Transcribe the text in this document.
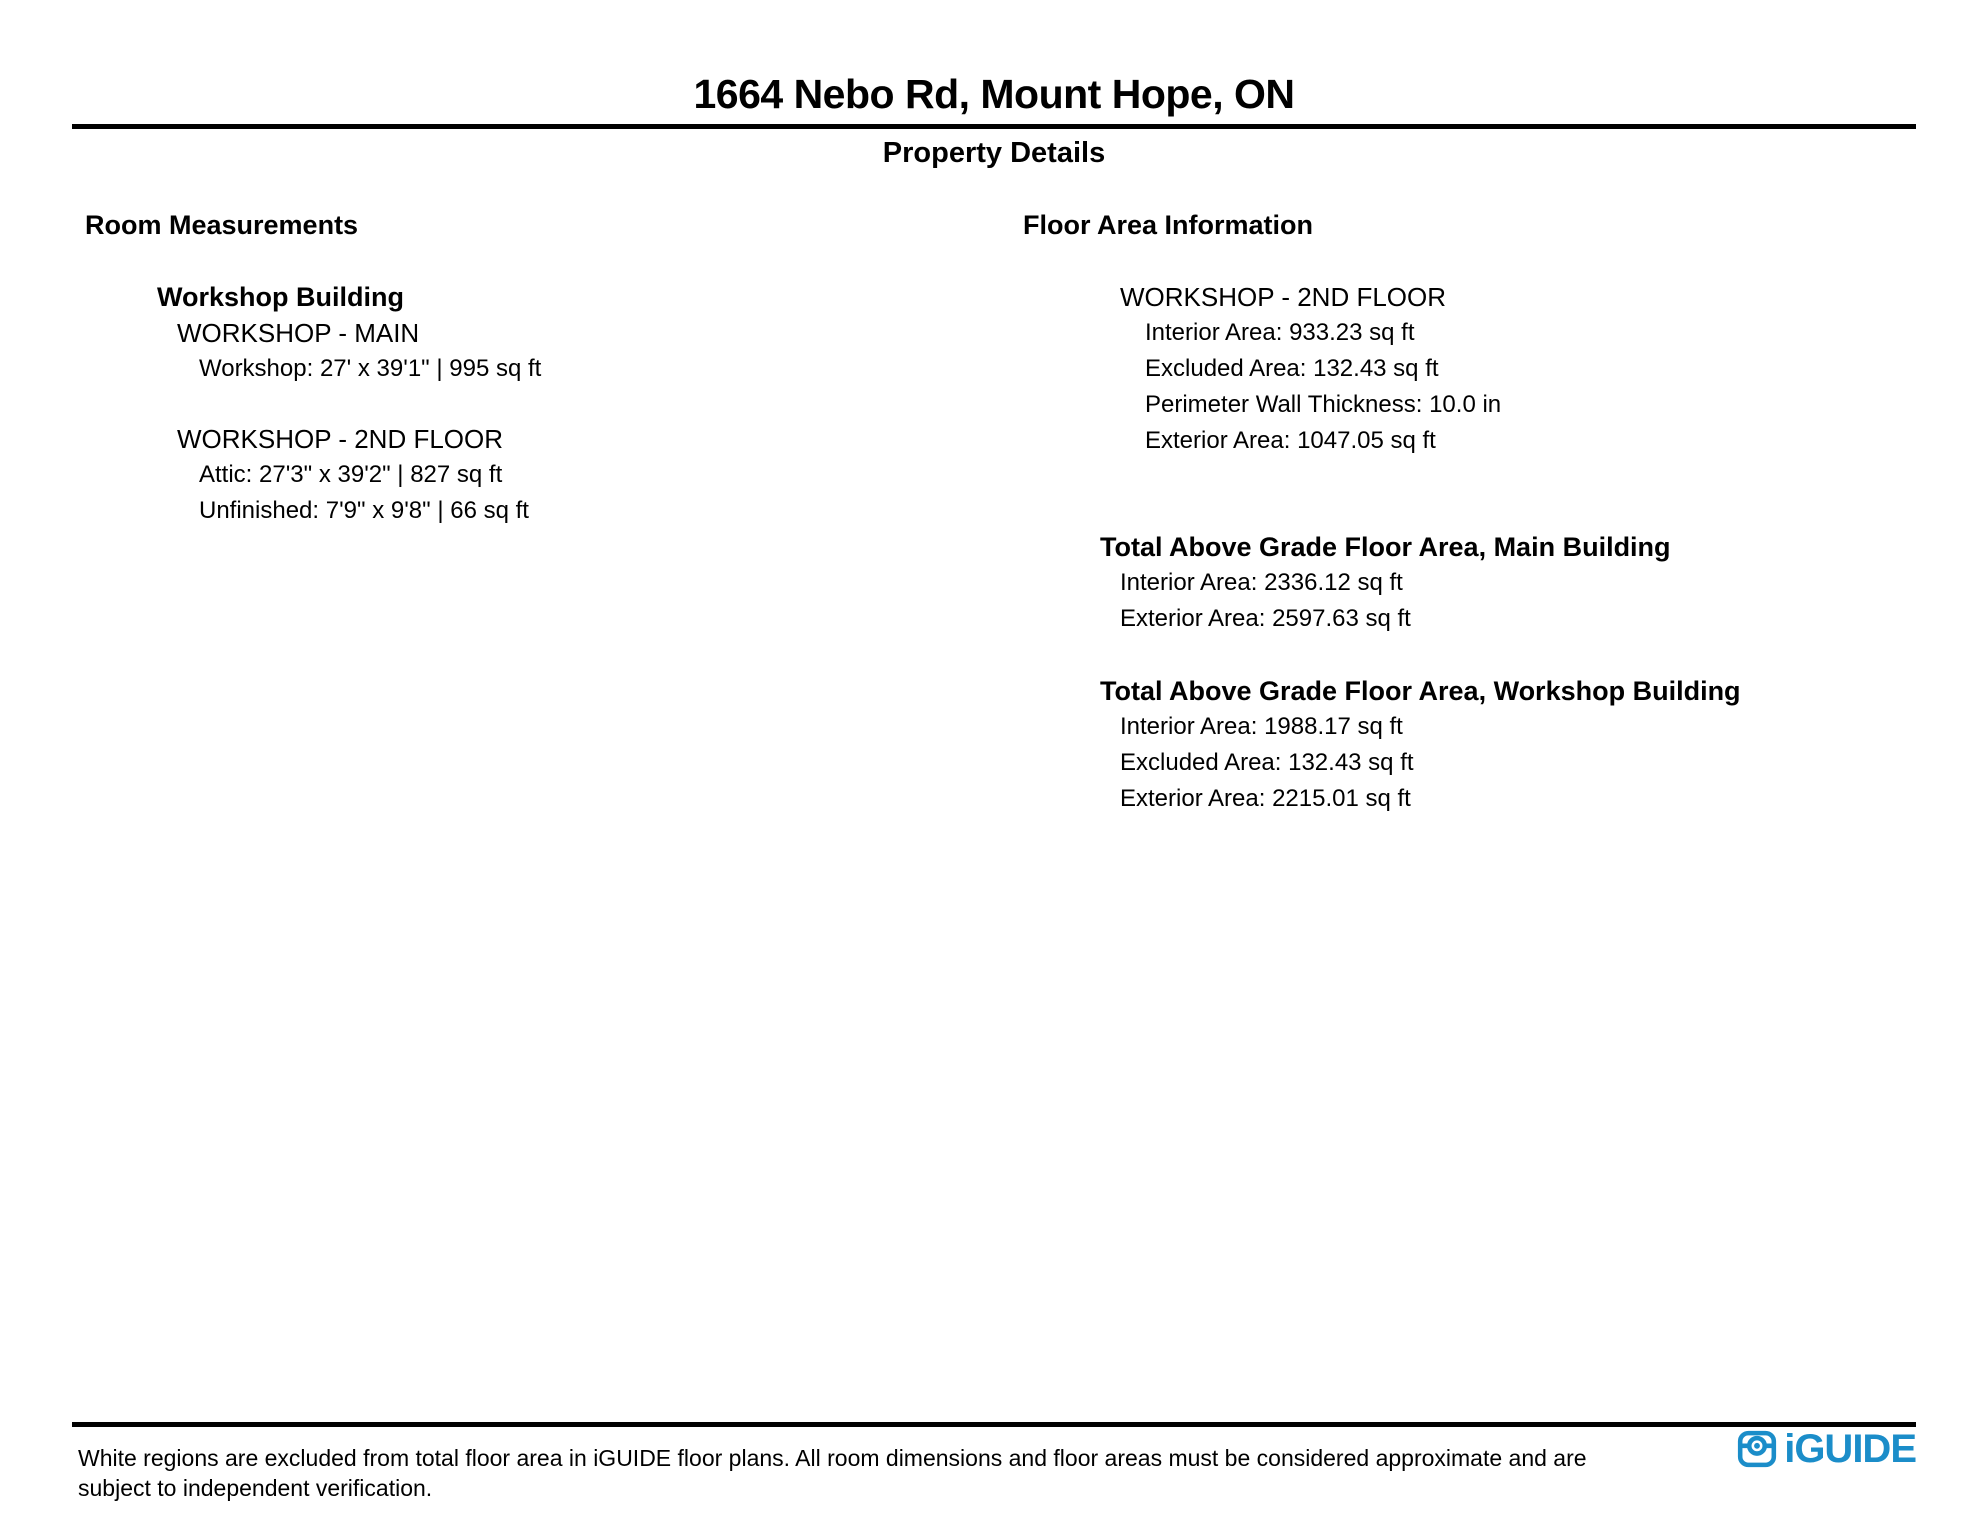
1664 Nebo Rd, Mount Hope, ON
Property Details
Room Measurements
Workshop Building
WORKSHOP - MAIN
Workshop: 27' x 39'1" | 995 sq ft
WORKSHOP - 2ND FLOOR
Attic: 27'3" x 39'2" | 827 sq ft
Unfinished: 7'9" x 9'8" | 66 sq ft
Floor Area Information
WORKSHOP - 2ND FLOOR
Interior Area: 933.23 sq ft
Excluded Area: 132.43 sq ft
Perimeter Wall Thickness: 10.0 in
Exterior Area: 1047.05 sq ft
Total Above Grade Floor Area, Main Building
Interior Area: 2336.12 sq ft
Exterior Area: 2597.63 sq ft
Total Above Grade Floor Area, Workshop Building
Interior Area: 1988.17 sq ft
Excluded Area: 132.43 sq ft
Exterior Area: 2215.01 sq ft
White regions are excluded from total floor area in iGUIDE floor plans. All room dimensions and floor areas must be considered approximate and are subject to independent verification.
iGUIDE
